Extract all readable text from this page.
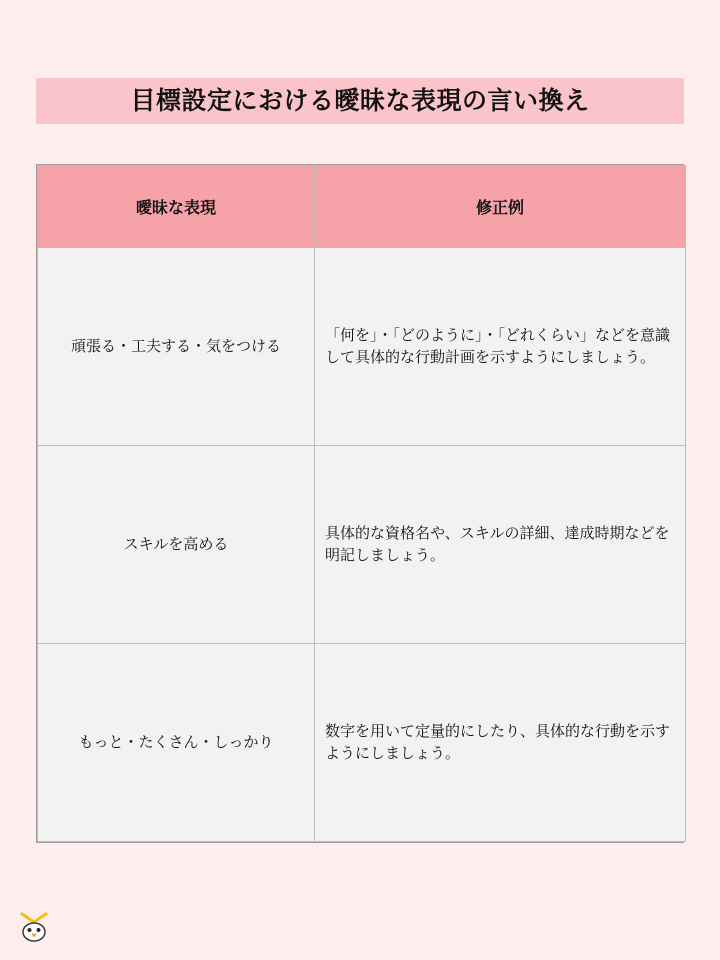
目標設定における曖昧な表現の言い換え
曖昧な表現	修正例
頑張る・工夫する・気をつける	「何を」・「どのように」・「どれくらい」などを意識して具体的な行動計画を示すようにしましょう。

スキルを高める	具体的な資格名や、スキルの詳細、達成時期などを明記しましょう。

もっと・たくさん・しっかり	数字を用いて定量的にしたり、具体的な行動を示すようにしましょう。
